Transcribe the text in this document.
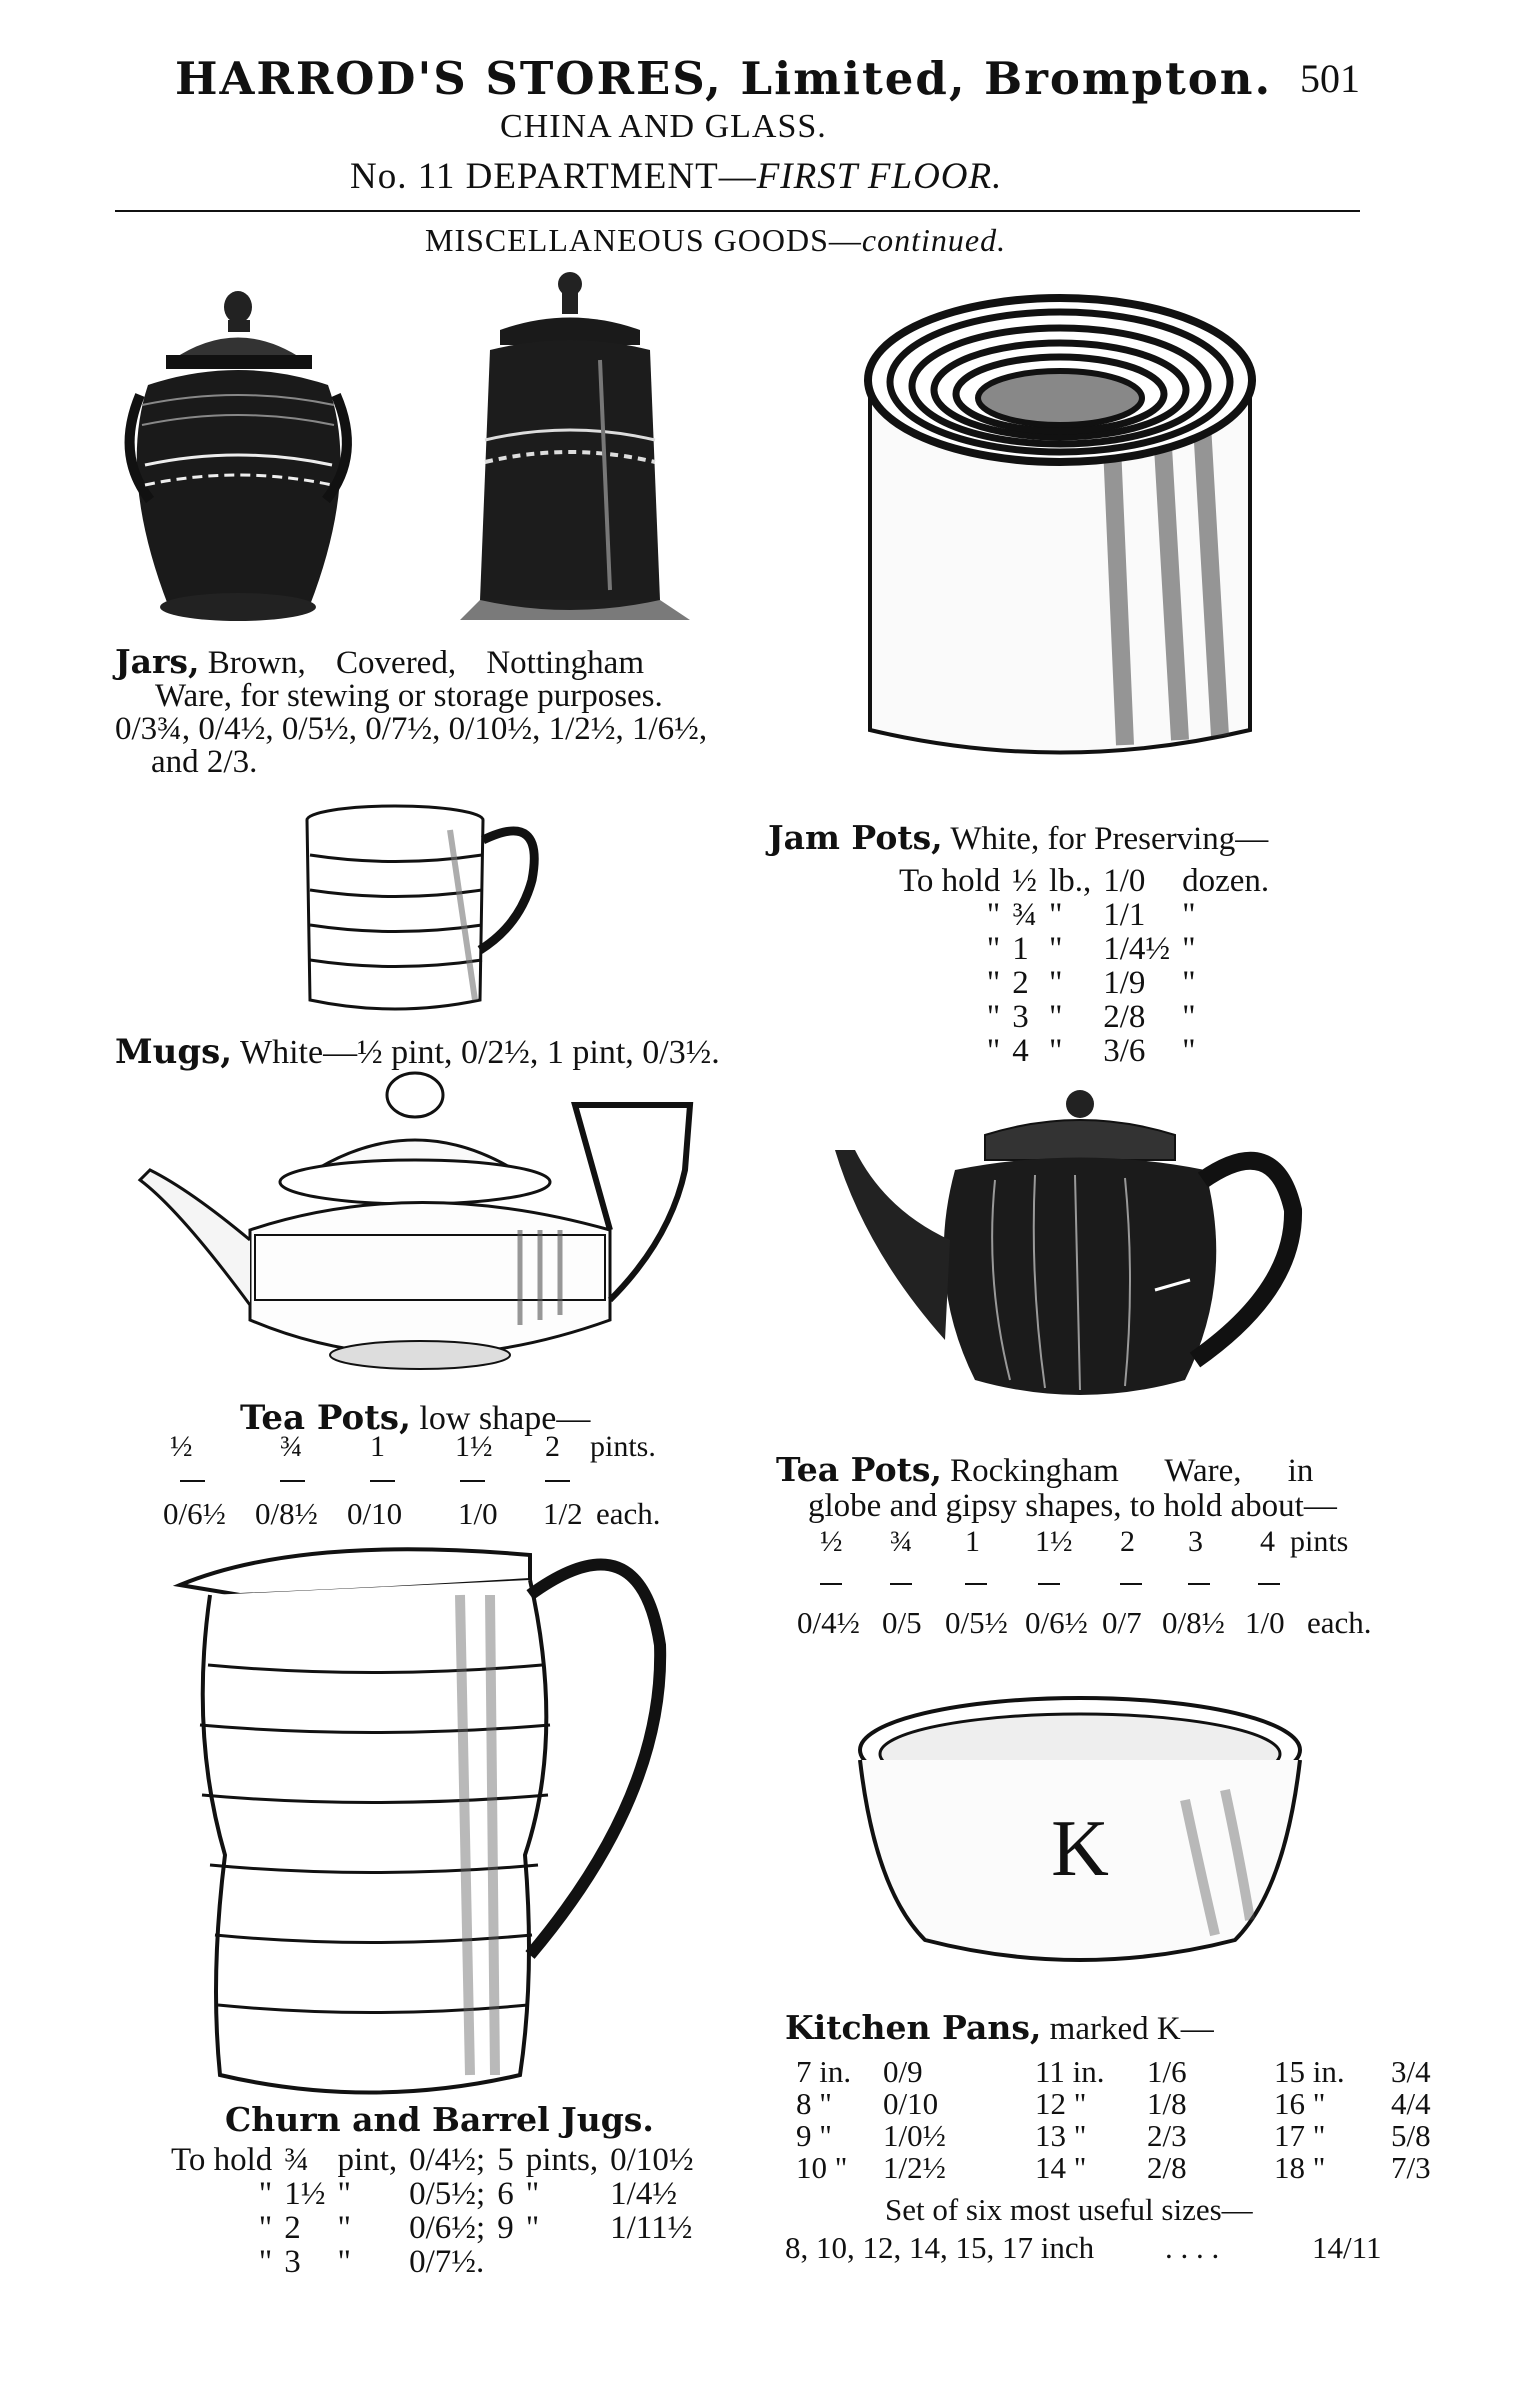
HARROD'S STORES, Limited, Brompton. 501
CHINA AND GLASS.
No. 11 DEPARTMENT—FIRST FLOOR.
MISCELLANEOUS GOODS—continued.
Jars, Brown, Covered, Nottingham
Ware, for stewing or storage purposes.
0/3¾, 0/4½, 0/5½, 0/7½, 0/10½, 1/2½, 1/6½,
and 2/3.
Mugs, White—½ pint, 0/2½, 1 pint, 0/3½.
Jam Pots, White, for Preserving—
To hold	½	lb.,	1/0	dozen.
"	¾	"	1/1	"
"	1	"	1/4½	"
"	2	"	1/9	"
"	3	"	2/8	"
"	4	"	3/6	"
Tea Pots, low shape—
½	¾ 1 1½ 2 pints.
0/6½ 0/8½ 0/10 1/0 1/2 each.
Tea Pots, Rockingham Ware, in
globe and gipsy shapes, to hold about—
½ ¾ 1 1½ 2 3 4 pints
0/4½ 0/5 0/5½ 0/6½ 0/7 0/8½ 1/0 each.
Churn and Barrel Jugs.
To hold	¾	pint,	0/4½;	5	pints,	0/10½
"	1½	"	0/5½;	6	"	1/4½
"	2	"	0/6½;	9	"	1/11½
"	3	"	0/7½.			
K
Kitchen Pans, marked K—
7 in.	0/9	11 in.	1/6	15 in.	3/4
8 "	0/10	12 "	1/8	16 "	4/4
9 "	1/0½	13 "	2/3	17 "	5/8
10 "	1/2½	14 "	2/8	18 "	7/3
Set of six most useful sizes—
8, 10, 12, 14, 15, 17 inch . . . .	14/11
